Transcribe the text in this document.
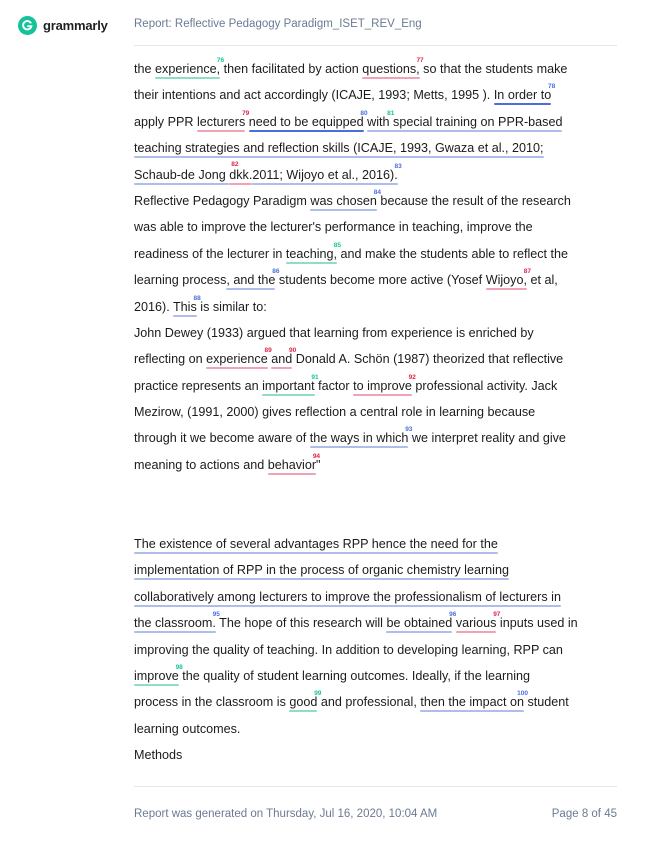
grammarly Report: Reflective Pedagogy Paradigm_ISET_REV_Eng
the experience,
76
then facilitated by action questions,
77
so that the students make
their intentions and act accordingly (ICAJE, 1993; Metts, 1995 ). In order to
78
apply PPR lecturers
79
need to be equipped
80
with special training on PPR-based
81
teaching strategies and reflection skills (ICAJE, 1993, Gwaza et al., 2010;
Schaub-de Jong dkk.
82
2011; Wijoyo et al., 2016).
83
Reflective Pedagogy Paradigm was chosen
84
because the result of the research
was able to improve the lecturer's performance in teaching, improve the
readiness of the lecturer in teaching,
85
and make the students able to reflect the
learning process, and the
86
students become more active (Yosef Wijoyo,
87
et al,
2016). This
88
is similar to:
John Dewey (1933) argued that learning from experience is enriched by
reflecting on experience
89
and
90
Donald A. Schön (1987) theorized that reflective
practice represents an important
91
factor to improve
92
professional activity. Jack
Mezirow, (1991, 2000) gives reflection a central role in learning because
through it we become aware of the ways in which
93
we interpret reality and give
meaning to actions and behavior
94
"
The existence of several advantages RPP hence the need for the
implementation of RPP in the process of organic chemistry learning
collaboratively among lecturers to improve the professionalism of lecturers in
the classroom.
95
The hope of this research will be obtained
96
various
97
inputs used in
improving the quality of teaching. In addition to developing learning, RPP can
improve
98
the quality of student learning outcomes. Ideally, if the learning
process in the classroom is good
99
and professional, then the impact on
100
student
learning outcomes.
Methods
Report was generated on Thursday, Jul 16, 2020, 10:04 AM	Page 8 of 45
